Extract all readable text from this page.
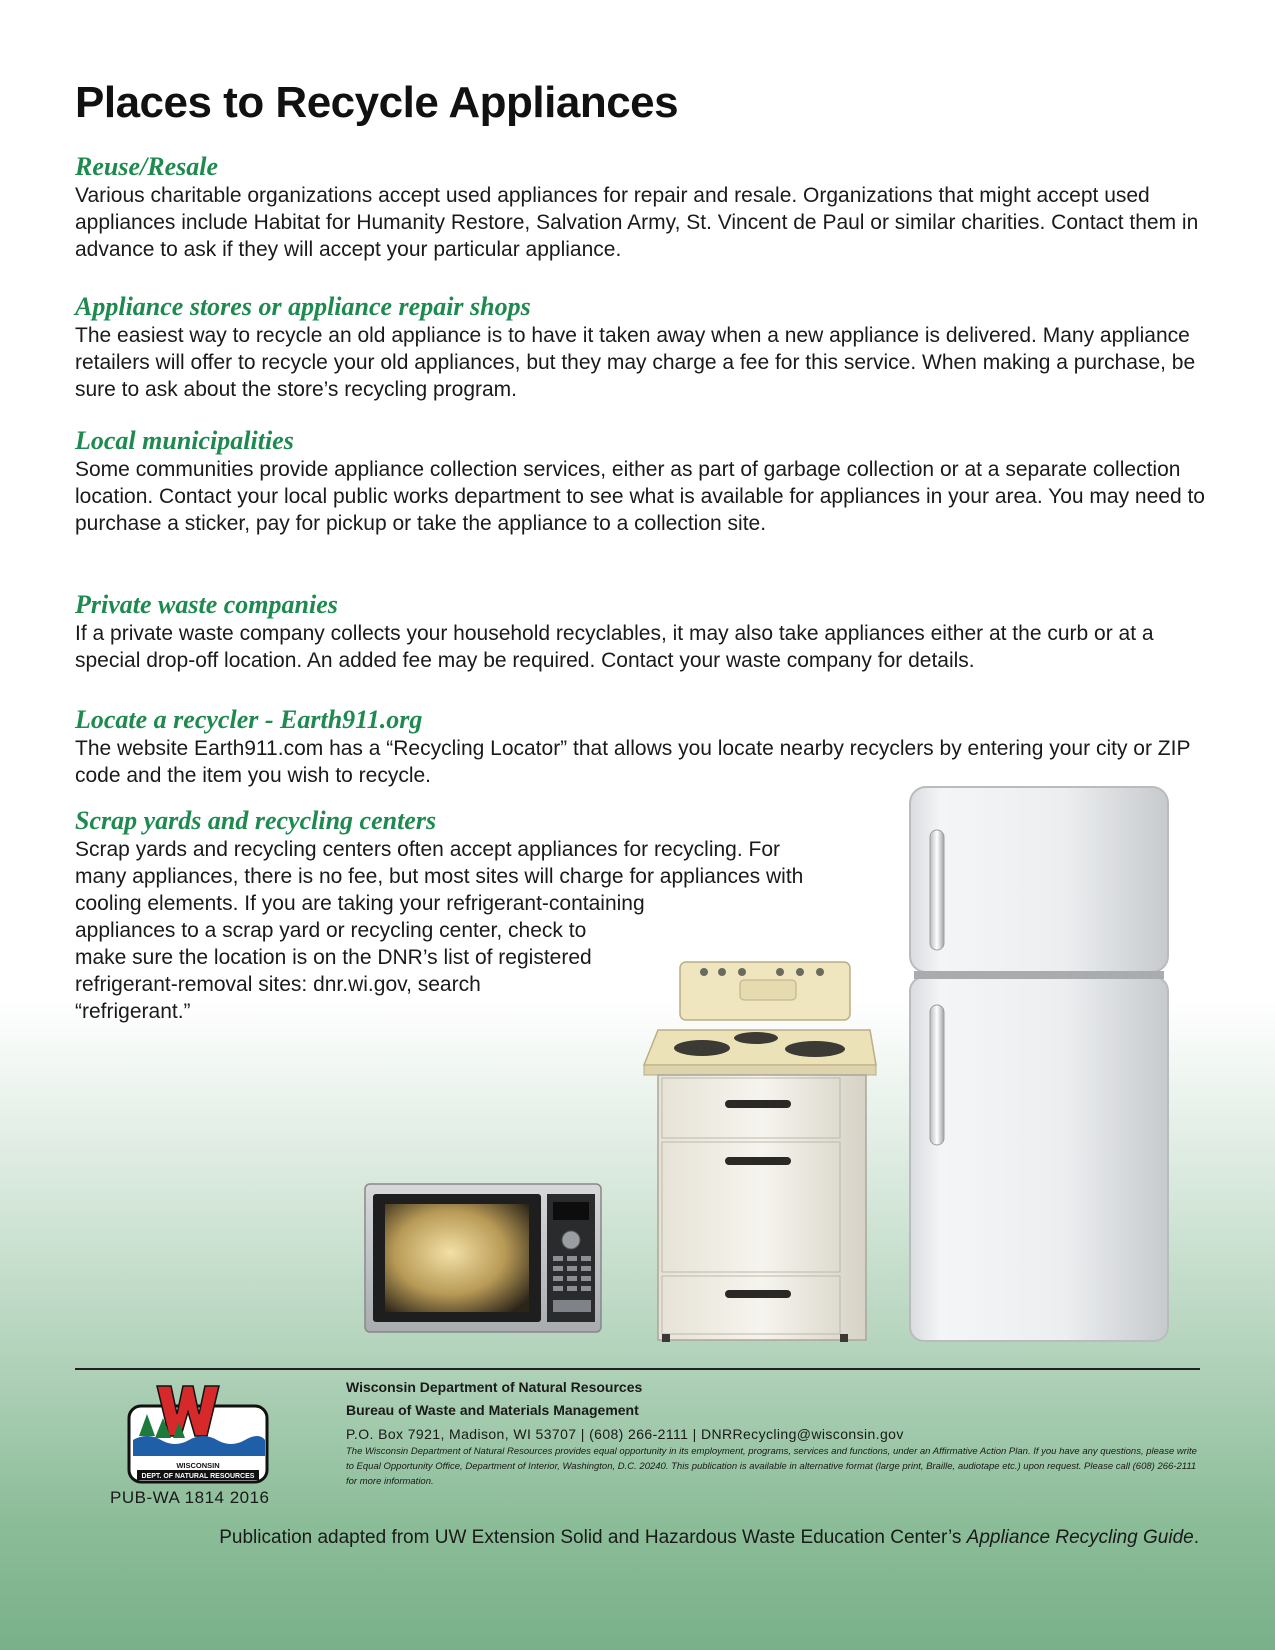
Places to Recycle Appliances
Reuse/Resale

Various charitable organizations accept used appliances for repair and resale. Organizations that might accept used appliances include Habitat for Humanity Restore, Salvation Army, St. Vincent de Paul or similar charities. Contact them in advance to ask if they will accept your particular appliance.

Appliance stores or appliance repair shops

The easiest way to recycle an old appliance is to have it taken away when a new appliance is delivered. Many appliance retailers will offer to recycle your old appliances, but they may charge a fee for this service. When making a purchase, be sure to ask about the store’s recycling program.

Local municipalities

Some communities provide appliance collection services, either as part of garbage collection or at a separate collection location. Contact your local public works department to see what is available for appliances in your area. You may need to purchase a sticker, pay for pickup or take the appliance to a collection site.

Private waste companies

If a private waste company collects your household recyclables, it may also take appliances either at the curb or at a special drop-off location. An added fee may be required. Contact your waste company for details.

Locate a recycler - Earth911.org

The website Earth911.com has a “Recycling Locator” that allows you locate nearby recyclers by entering your city or ZIP code and the item you wish to recycle.

Scrap yards and recycling centers

Scrap yards and recycling centers often accept appliances for recycling. For many appliances, there is no fee, but most sites will charge for appliances with cooling elements. If you are taking your refrigerant-containing

appliances to a scrap yard or recycling center, check to make sure the location is on the DNR’s list of registered refrigerant-removal sites: dnr.wi.gov, search “refrigerant.”

WISCONSIN
DEPT. OF NATURAL RESOURCES
PUB-WA 1814 2016

Wisconsin Department of Natural Resources

Bureau of Waste and Materials Management

P.O. Box 7921, Madison, WI 53707 | (608) 266-2111 | DNRRecycling@wisconsin.gov

The Wisconsin Department of Natural Resources provides equal opportunity in its employment, programs, services and functions, under an Affirmative Action Plan. If you have any questions, please write to Equal Opportunity Office, Department of Interior, Washington, D.C. 20240. This publication is available in alternative format (large print, Braille, audiotape etc.) upon request. Please call (608) 266-2111 for more information.

Publication adapted from UW Extension Solid and Hazardous Waste Education Center’s Appliance Recycling Guide.
